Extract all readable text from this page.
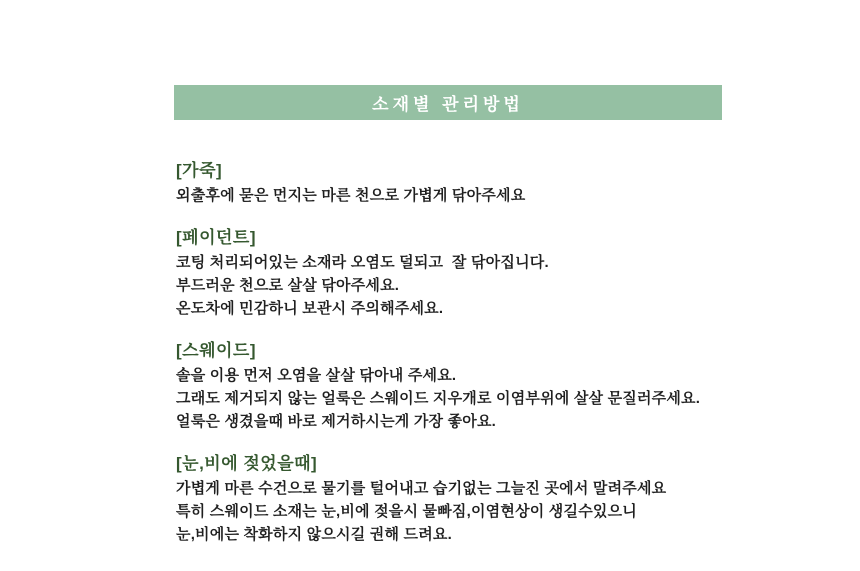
소재별 관리방법
[가죽]

외출후에 묻은 먼지는 마른 천으로 가볍게 닦아주세요

[페이던트]

코팅 처리되어있는 소재라 오염도 덜되고  잘 닦아집니다.

부드러운 천으로 살살 닦아주세요.

온도차에 민감하니 보관시 주의해주세요.

[스웨이드]

솔을 이용 먼저 오염을 살살 닦아내 주세요.

그래도 제거되지 않는 얼룩은 스웨이드 지우개로 이염부위에 살살 문질러주세요.

얼룩은 생겼을때 바로 제거하시는게 가장 좋아요.

[눈,비에 젖었을때]

가볍게 마른 수건으로 물기를 털어내고 습기없는 그늘진 곳에서 말려주세요

특히 스웨이드 소재는 눈,비에 젖을시 물빠짐,이염현상이 생길수있으니

눈,비에는 착화하지 않으시길 권해 드려요.
